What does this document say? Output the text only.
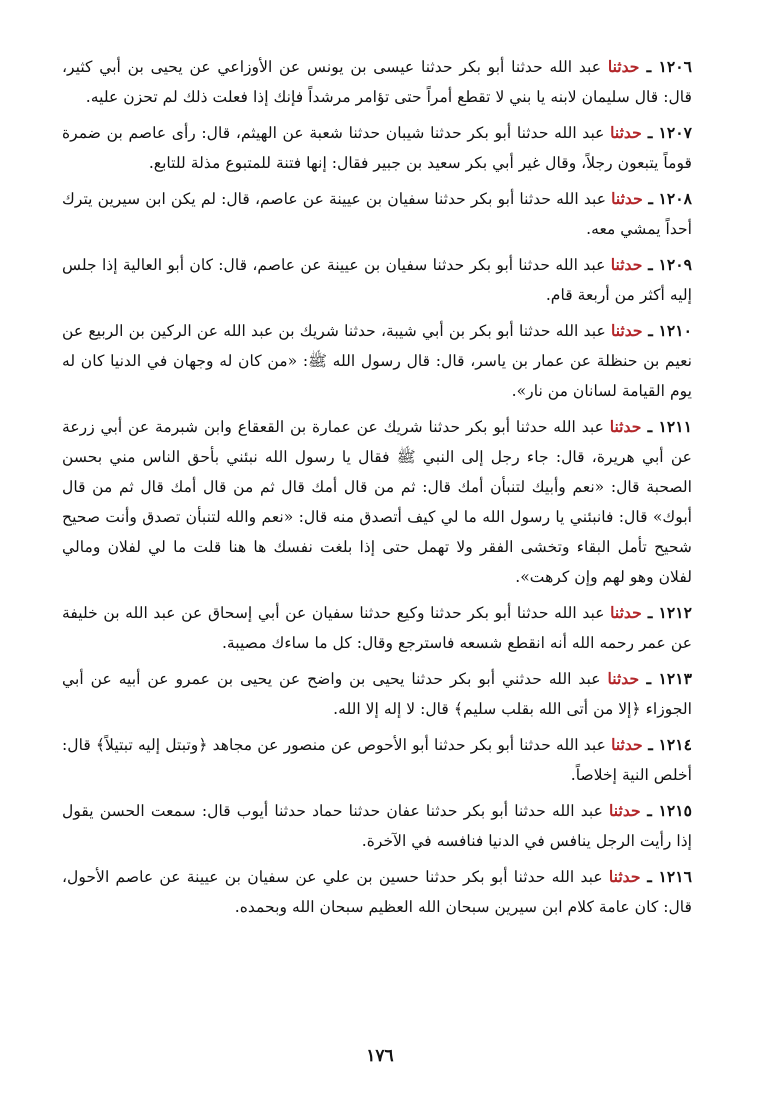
١٢٠٦ ـ حدثنا عبد الله حدثنا أبو بكر حدثنا عيسى بن يونس عن الأوزاعي عن يحيى بن أبي كثير، قال: قال سليمان لابنه يا بني لا تقطع أمراً حتى تؤامر مرشداً فإنك إذا فعلت ذلك لم تحزن عليه.

١٢٠٧ ـ حدثنا عبد الله حدثنا أبو بكر حدثنا شيبان حدثنا شعبة عن الهيثم، قال: رأى عاصم بن ضمرة قوماً يتبعون رجلاً، وقال غير أبي بكر سعيد بن جبير فقال: إنها فتنة للمتبوع مذلة للتابع.

١٢٠٨ ـ حدثنا عبد الله حدثنا أبو بكر حدثنا سفيان بن عيينة عن عاصم، قال: لم يكن ابن سيرين يترك أحداً يمشي معه.

١٢٠٩ ـ حدثنا عبد الله حدثنا أبو بكر حدثنا سفيان بن عيينة عن عاصم، قال: كان أبو العالية إذا جلس إليه أكثر من أربعة قام.

١٢١٠ ـ حدثنا عبد الله حدثنا أبو بكر بن أبي شيبة، حدثنا شريك بن عبد الله عن الركين بن الربيع عن نعيم بن حنظلة عن عمار بن ياسر، قال: قال رسول الله ﷺ: «من كان له وجهان في الدنيا كان له يوم القيامة لسانان من نار».

١٢١١ ـ حدثنا عبد الله حدثنا أبو بكر حدثنا شريك عن عمارة بن القعقاع وابن شبرمة عن أبي زرعة عن أبي هريرة، قال: جاء رجل إلى النبي ﷺ فقال يا رسول الله نبئني بأحق الناس مني بحسن الصحبة قال: «نعم وأبيك لتنبأن أمك قال: ثم من قال أمك قال ثم من قال أمك قال ثم من قال أبوك» قال: فانبئني يا رسول الله ما لي كيف أتصدق منه قال: «نعم والله لتنبأن تصدق وأنت صحيح شحيح تأمل البقاء وتخشى الفقر ولا تهمل حتى إذا بلغت نفسك ها هنا قلت ما لي لفلان ومالي لفلان وهو لهم وإن كرهت».

١٢١٢ ـ حدثنا عبد الله حدثنا أبو بكر حدثنا وكيع حدثنا سفيان عن أبي إسحاق عن عبد الله بن خليفة عن عمر رحمه الله أنه انقطع شسعه فاسترجع وقال: كل ما ساءك مصيبة.

١٢١٣ ـ حدثنا عبد الله حدثني أبو بكر حدثنا يحيى بن واضح عن يحيى بن عمرو عن أبيه عن أبي الجوزاء ﴿إلا من أتى الله بقلب سليم﴾ قال: لا إله إلا الله.

١٢١٤ ـ حدثنا عبد الله حدثنا أبو بكر حدثنا أبو الأحوص عن منصور عن مجاهد ﴿وتبتل إليه تبتيلاً﴾ قال: أخلص النية إخلاصاً.

١٢١٥ ـ حدثنا عبد الله حدثنا أبو بكر حدثنا عفان حدثنا حماد حدثنا أيوب قال: سمعت الحسن يقول إذا رأيت الرجل ينافس في الدنيا فنافسه في الآخرة.

١٢١٦ ـ حدثنا عبد الله حدثنا أبو بكر حدثنا حسين بن علي عن سفيان بن عيينة عن عاصم الأحول، قال: كان عامة كلام ابن سيرين سبحان الله العظيم سبحان الله وبحمده.

١٧٦
